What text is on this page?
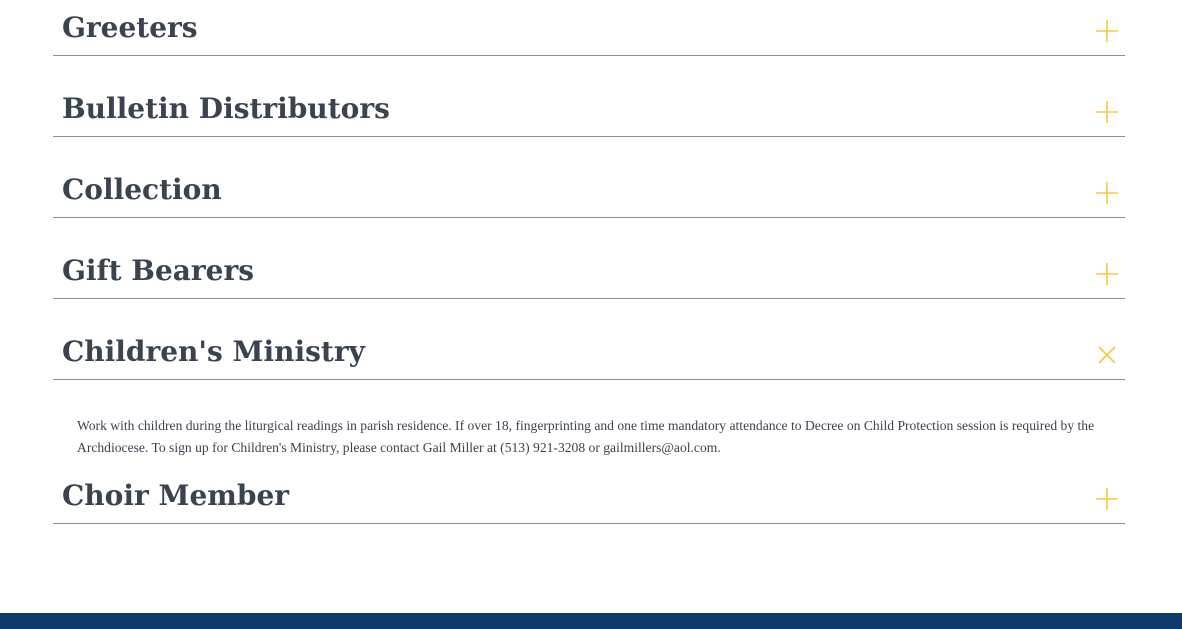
Greeters
Bulletin Distributors
Collection
Gift Bearers
Children's Ministry

Work with children during the liturgical readings in parish residence. If over 18, fingerprinting and one time mandatory attendance to Decree on Child Protection session is required by the Archdiocese. To sign up for Children's Ministry, please contact Gail Miller at (513) 921-3208 or gailmillers@aol.com.

Choir Member
